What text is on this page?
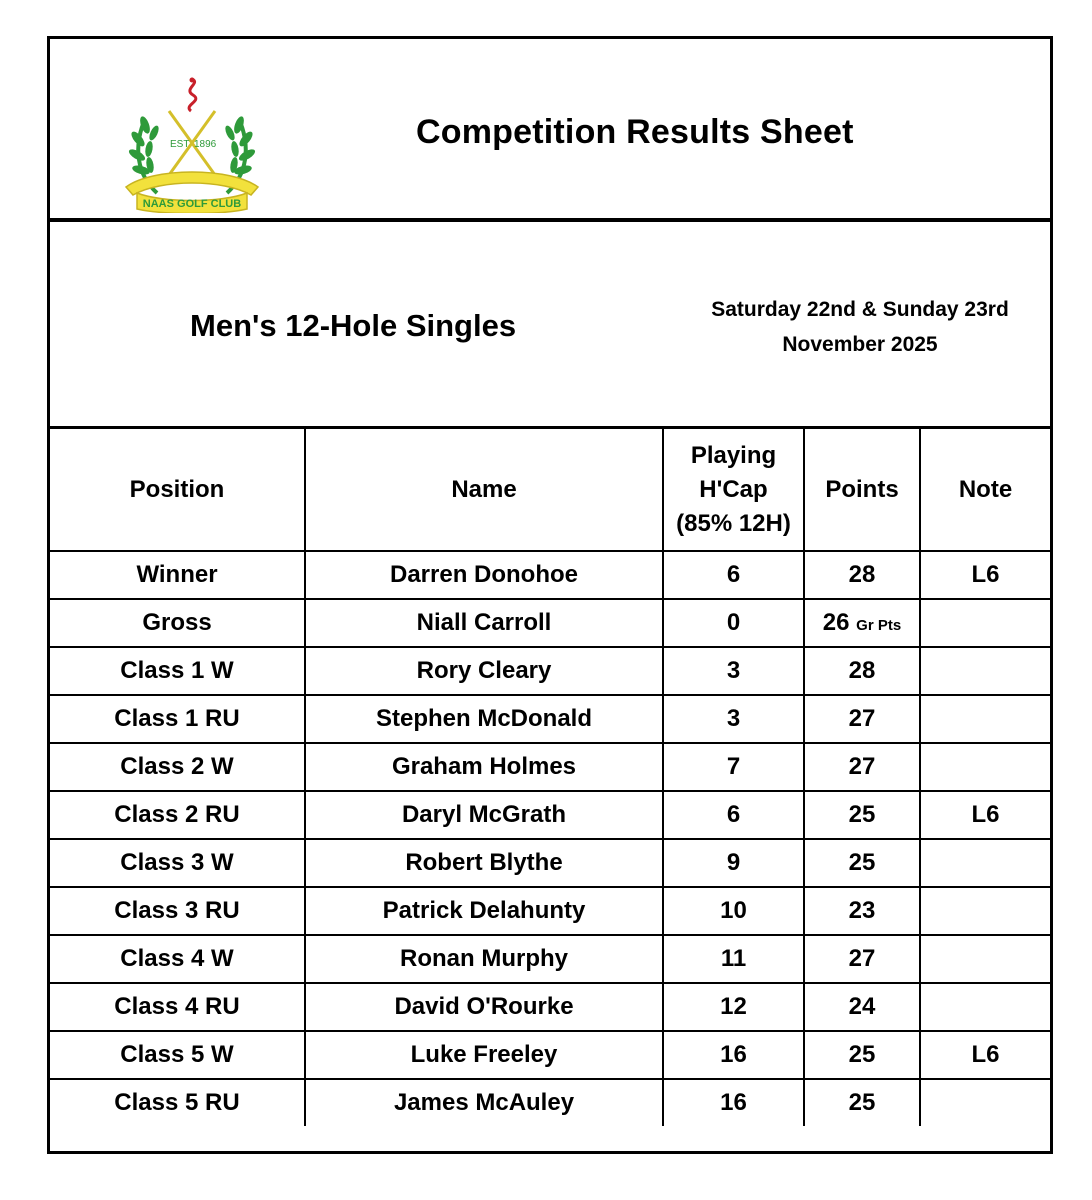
EST 1896
NAAS GOLF CLUB
Competition Results Sheet
Men's 12-Hole Singles	Saturday 22nd & Sunday 23rd
November 2025
Position	Name	Playing
H'Cap
(85% 12H)	Points	Note
Winner	Darren Donohoe	6	28	L6
Gross	Niall Carroll	0	26 Gr Pts	
Class 1 W	Rory Cleary	3	28	
Class 1 RU	Stephen McDonald	3	27	
Class 2 W	Graham Holmes	7	27	
Class 2 RU	Daryl McGrath	6	25	L6
Class 3 W	Robert Blythe	9	25	
Class 3 RU	Patrick Delahunty	10	23	
Class 4 W	Ronan Murphy	11	27	
Class 4 RU	David O'Rourke	12	24	
Class 5 W	Luke Freeley	16	25	L6
Class 5 RU	James McAuley	16	25	
